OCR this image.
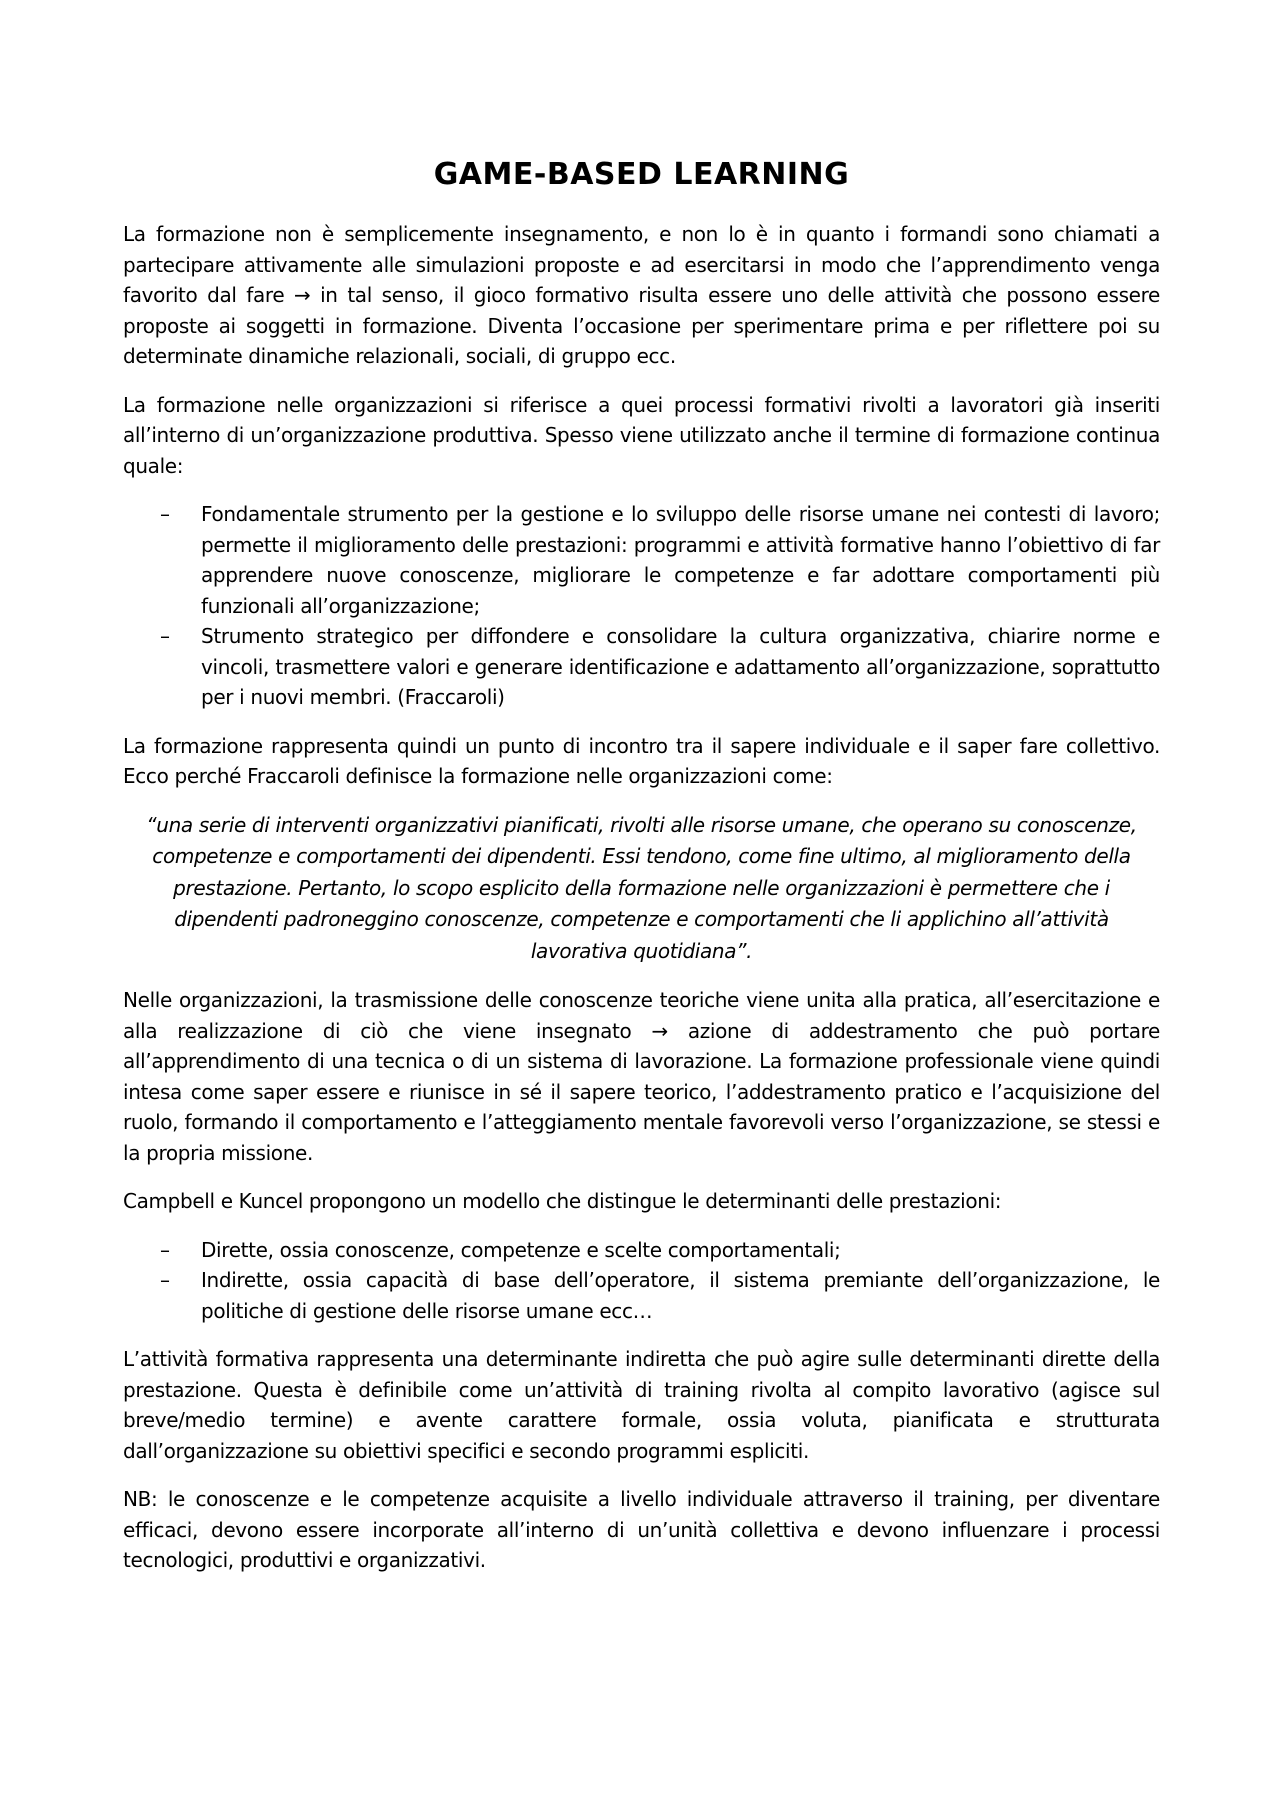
GAME-BASED LEARNING

La formazione non è semplicemente insegnamento, e non lo è in quanto i formandi sono chiamati a partecipare attivamente alle simulazioni proposte e ad esercitarsi in modo che l’apprendimento venga favorito dal fare → in tal senso, il gioco formativo risulta essere uno delle attività che possono essere proposte ai soggetti in formazione. Diventa l’occasione per sperimentare prima e per riflettere poi su determinate dinamiche relazionali, sociali, di gruppo ecc.

La formazione nelle organizzazioni si riferisce a quei processi formativi rivolti a lavoratori già inseriti all’interno di un’organizzazione produttiva. Spesso viene utilizzato anche il termine di formazione continua quale:

– Fondamentale strumento per la gestione e lo sviluppo delle risorse umane nei contesti di lavoro; permette il miglioramento delle prestazioni: programmi e attività formative hanno l’obiettivo di far apprendere nuove conoscenze, migliorare le competenze e far adottare comportamenti più funzionali all’organizzazione;
– Strumento strategico per diffondere e consolidare la cultura organizzativa, chiarire norme e vincoli, trasmettere valori e generare identificazione e adattamento all’organizzazione, soprattutto per i nuovi membri. (Fraccaroli)

La formazione rappresenta quindi un punto di incontro tra il sapere individuale e il saper fare collettivo. Ecco perché Fraccaroli definisce la formazione nelle organizzazioni come:

“una serie di interventi organizzativi pianificati, rivolti alle risorse umane, che operano su conoscenze, competenze e comportamenti dei dipendenti. Essi tendono, come fine ultimo, al miglioramento della prestazione. Pertanto, lo scopo esplicito della formazione nelle organizzazioni è permettere che i dipendenti padroneggino conoscenze, competenze e comportamenti che li applichino all’attività lavorativa quotidiana”.

Nelle organizzazioni, la trasmissione delle conoscenze teoriche viene unita alla pratica, all’esercitazione e alla realizzazione di ciò che viene insegnato → azione di addestramento che può portare all’apprendimento di una tecnica o di un sistema di lavorazione. La formazione professionale viene quindi intesa come saper essere e riunisce in sé il sapere teorico, l’addestramento pratico e l’acquisizione del ruolo, formando il comportamento e l’atteggiamento mentale favorevoli verso l’organizzazione, se stessi e la propria missione.

Campbell e Kuncel propongono un modello che distingue le determinanti delle prestazioni:

– Dirette, ossia conoscenze, competenze e scelte comportamentali;
– Indirette, ossia capacità di base dell’operatore, il sistema premiante dell’organizzazione, le politiche di gestione delle risorse umane ecc…

L’attività formativa rappresenta una determinante indiretta che può agire sulle determinanti dirette della prestazione. Questa è definibile come un’attività di training rivolta al compito lavorativo (agisce sul breve/medio termine) e avente carattere formale, ossia voluta, pianificata e strutturata dall’organizzazione su obiettivi specifici e secondo programmi espliciti.

NB: le conoscenze e le competenze acquisite a livello individuale attraverso il training, per diventare efficaci, devono essere incorporate all’interno di un’unità collettiva e devono influenzare i processi tecnologici, produttivi e organizzativi.
